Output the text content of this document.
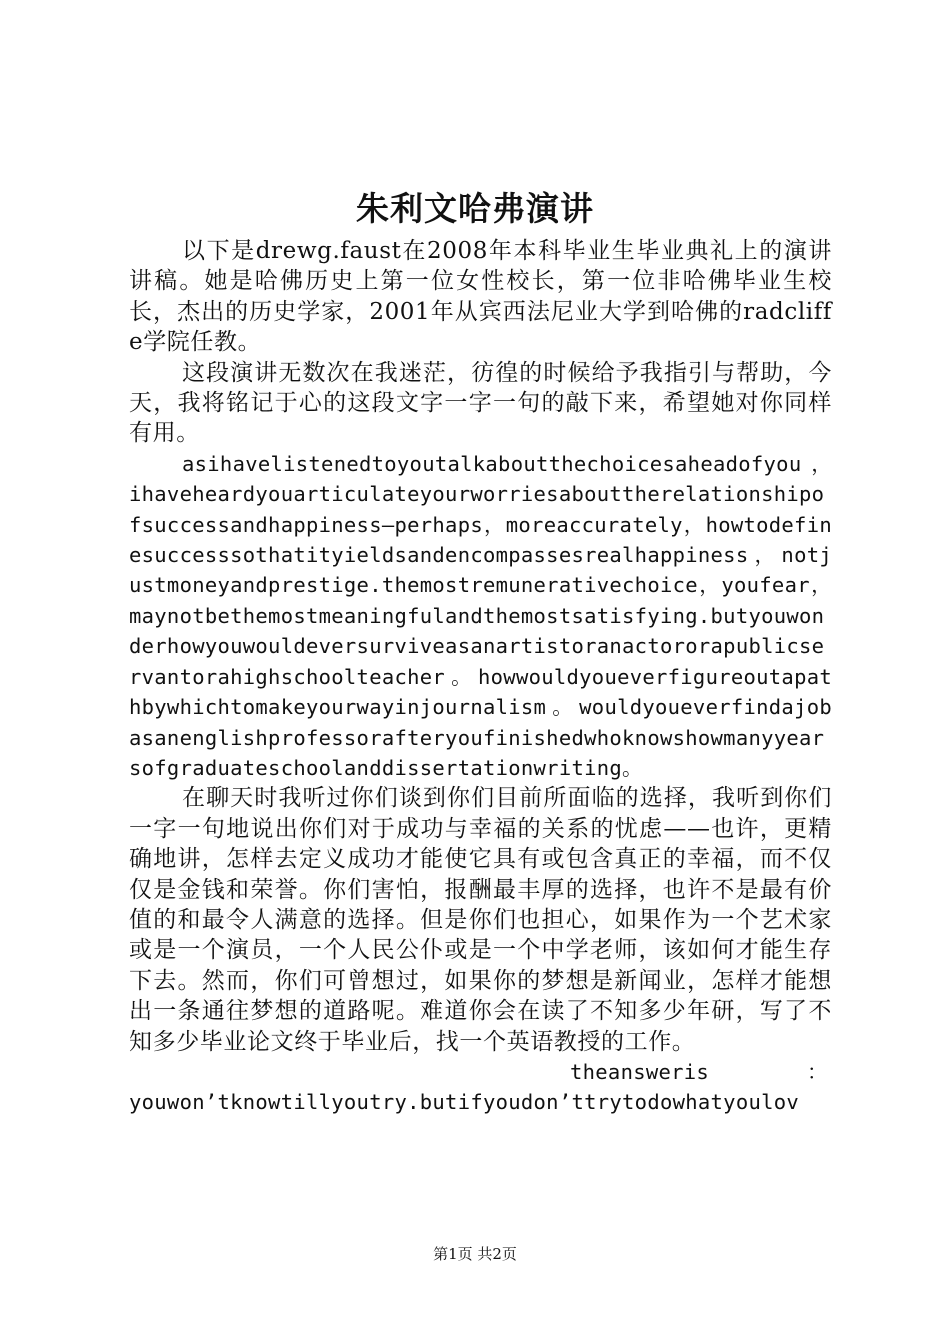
朱利文哈弗演讲

以下是drewg.faust在2008年本科毕业生毕业典礼上的演讲讲稿。她是哈佛历史上第一位女性校长，第一位非哈佛毕业生校长，杰出的历史学家，2001年从宾西法尼业大学到哈佛的radcliffe学院任教。

这段演讲无数次在我迷茫，彷徨的时候给予我指引与帮助，今天，我将铭记于心的这段文字一字一句的敲下来，希望她对你同样有用。

asihavelistenedtoyoutalkaboutthechoicesaheadofyou，ihaveheardyouarticulateyourworriesabouttherelationshipofsuccessandhappiness—perhaps，moreaccurately，howtodefinesuccesssothatityieldsandencompassesrealhappiness，notjustmoneyandprestige.themostremunerativechoice，youfear，maynotbethemostmeaningfulandthemostsatisfying.butyouwonderhowyouwouldeversurviveasanartistoranactororapublicservantorahighschoolteacher。howwouldyoueverfigureoutapathbywhichtomakeyourwayinjournalism。wouldyoueverfindajobasanenglishprofessorafteryoufinishedwhoknowshowmanyyearsofgraduateschoolanddissertationwriting。

在聊天时我听过你们谈到你们目前所面临的选择，我听到你们一字一句地说出你们对于成功与幸福的关系的忧虑——也许，更精确地讲，怎样去定义成功才能使它具有或包含真正的幸福，而不仅仅是金钱和荣誉。你们害怕，报酬最丰厚的选择，也许不是最有价值的和最令人满意的选择。但是你们也担心，如果作为一个艺术家或是一个演员，一个人民公仆或是一个中学老师，该如何才能生存下去。然而，你们可曾想过，如果你的梦想是新闻业，怎样才能想出一条通往梦想的道路呢。难道你会在读了不知多少年研，写了不知多少毕业论文终于毕业后，找一个英语教授的工作。

theansweris	：

youwon’tknowtillyoutry.butifyoudon’ttrytodowhatyoulov

第1页 共2页
